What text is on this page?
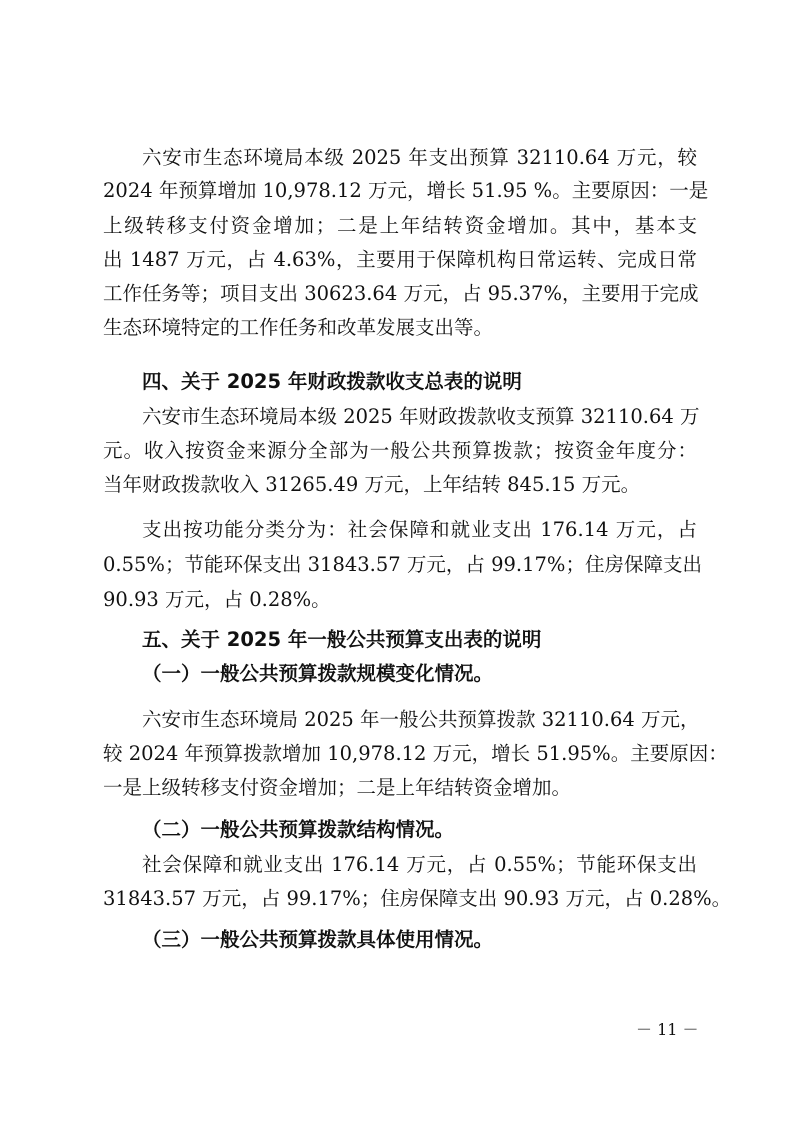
六安市生态环境局本级 2025 年支出预算 32110.64 万元，较
2024 年预算增加 10,978.12 万元，增长 51.95 %。主要原因：一是
上级转移支付资金增加；二是上年结转资金增加。其中，基本支
出 1487 万元，占 4.63%，主要用于保障机构日常运转、完成日常
工作任务等；项目支出 30623.64 万元，占 95.37%，主要用于完成
生态环境特定的工作任务和改革发展支出等。
四、关于 2025 年财政拨款收支总表的说明
六安市生态环境局本级 2025 年财政拨款收支预算 32110.64 万
元。收入按资金来源分全部为一般公共预算拨款；按资金年度分：
当年财政拨款收入 31265.49 万元，上年结转 845.15 万元。
支出按功能分类分为：社会保障和就业支出 176.14 万元，占
0.55%；节能环保支出 31843.57 万元，占 99.17%；住房保障支出
90.93 万元，占 0.28%。
五、关于 2025 年一般公共预算支出表的说明
（一）一般公共预算拨款规模变化情况。
六安市生态环境局 2025 年一般公共预算拨款 32110.64 万元，
较 2024 年预算拨款增加 10,978.12 万元，增长 51.95%。主要原因：
一是上级转移支付资金增加；二是上年结转资金增加。
（二）一般公共预算拨款结构情况。
社会保障和就业支出 176.14 万元，占 0.55%；节能环保支出
31843.57 万元，占 99.17%；住房保障支出 90.93 万元，占 0.28%。
（三）一般公共预算拨款具体使用情况。
－ 11 －
